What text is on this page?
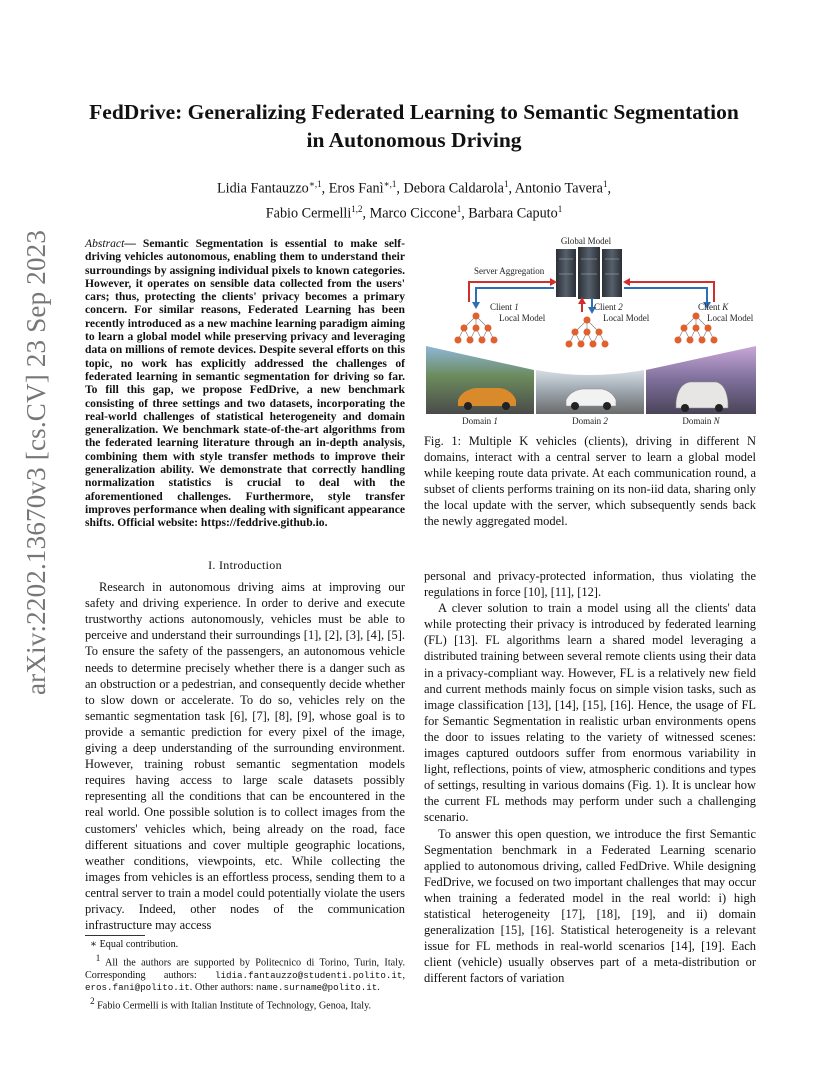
FedDrive: Generalizing Federated Learning to Semantic Segmentation
in Autonomous Driving
Lidia Fantauzzo$^{∗,1}$, Eros Fanì$^{∗,1}$, Debora Caldarola$^1$, Antonio Tavera$^1$,
Fabio Cermelli$^{1,2}$, Marco Ciccone$^1$, Barbara Caputo$^1$
arXiv:2202.13670v3 [cs.CV] 23 Sep 2023	Abstract— Semantic Segmentation is essential to make self-driving vehicles autonomous, enabling them to understand their surroundings by assigning individual pixels to known categories. However, it operates on sensible data collected from the users' cars; thus, protecting the clients' privacy becomes a primary concern. For similar reasons, Federated Learning has been recently introduced as a new machine learning paradigm aiming to learn a global model while preserving privacy and leveraging data on millions of remote devices. Despite several efforts on this topic, no work has explicitly addressed the challenges of federated learning in semantic segmentation for driving so far. To fill this gap, we propose FedDrive, a new benchmark consisting of three settings and two datasets, incorporating the real-world challenges of statistical heterogeneity and domain generalization. We benchmark state-of-the-art algorithms from the federated learning literature through an in-depth analysis, combining them with style transfer methods to improve their generalization ability. We demonstrate that correctly handling normalization statistics is crucial to deal with the aforementioned challenges. Furthermore, style transfer improves performance when dealing with significant appearance shifts. Official website: https://feddrive.github.io.
I. Introduction

Research in autonomous driving aims at improving our safety and driving experience. In order to derive and execute trustworthy actions autonomously, vehicles must be able to perceive and understand their surroundings [1], [2], [3], [4], [5]. To ensure the safety of the passengers, an autonomous vehicle needs to determine precisely whether there is a danger such as an obstruction or a pedestrian, and consequently decide whether to slow down or accelerate. To do so, vehicles rely on the semantic segmentation task [6], [7], [8], [9], whose goal is to provide a semantic prediction for every pixel of the image, giving a deep understanding of the surrounding environment. However, training robust semantic segmentation models requires having access to large scale datasets possibly representing all the conditions that can be encountered in the real world. One possible solution is to collect images from the customers' vehicles which, being already on the road, face different situations and cover multiple geographic locations, weather conditions, viewpoints, etc. While collecting the images from vehicles is an effortless process, sending them to a central server to train a model could potentially violate the users privacy. Indeed, other nodes of the communication infrastructure may access

∗ Equal contribution.
$^1$ All the authors are supported by Politecnico di Torino, Turin, Italy. Corresponding authors: lidia.fantauzzo@studenti.polito.it, eros.fani@polito.it. Other authors: name.surname@polito.it.
$^2$ Fabio Cermelli is with Italian Institute of Technology, Genoa, Italy.
Global Model
Server Aggregation
Client 1
Local Model
Client 2
Local Model
Client K
Local Model
Domain 1	Domain 2	Domain N
Fig. 1: Multiple K vehicles (clients), driving in different N domains, interact with a central server to learn a global model while keeping route data private. At each communication round, a subset of clients performs training on its non-iid data, sharing only the local update with the server, which subsequently sends back the newly aggregated model.
personal and privacy-protected information, thus violating the regulations in force [10], [11], [12].

A clever solution to train a model using all the clients' data while protecting their privacy is introduced by federated learning (FL) [13]. FL algorithms learn a shared model leveraging a distributed training between several remote clients using their data in a privacy-compliant way. However, FL is a relatively new field and current methods mainly focus on simple vision tasks, such as image classification [13], [14], [15], [16]. Hence, the usage of FL for Semantic Segmentation in realistic urban environments opens the door to issues relating to the variety of witnessed scenes: images captured outdoors suffer from enormous variability in light, reflections, points of view, atmospheric conditions and types of settings, resulting in various domains (Fig. 1). It is unclear how the current FL methods may perform under such a challenging scenario.

To answer this open question, we introduce the first Semantic Segmentation benchmark in a Federated Learning scenario applied to autonomous driving, called FedDrive. While designing FedDrive, we focused on two important challenges that may occur when training a federated model in the real world: i) high statistical heterogeneity [17], [18], [19], and ii) domain generalization [15], [16]. Statistical heterogeneity is a relevant issue for FL methods in real-world scenarios [14], [19]. Each client (vehicle) usually observes part of a meta-distribution or different factors of variation
